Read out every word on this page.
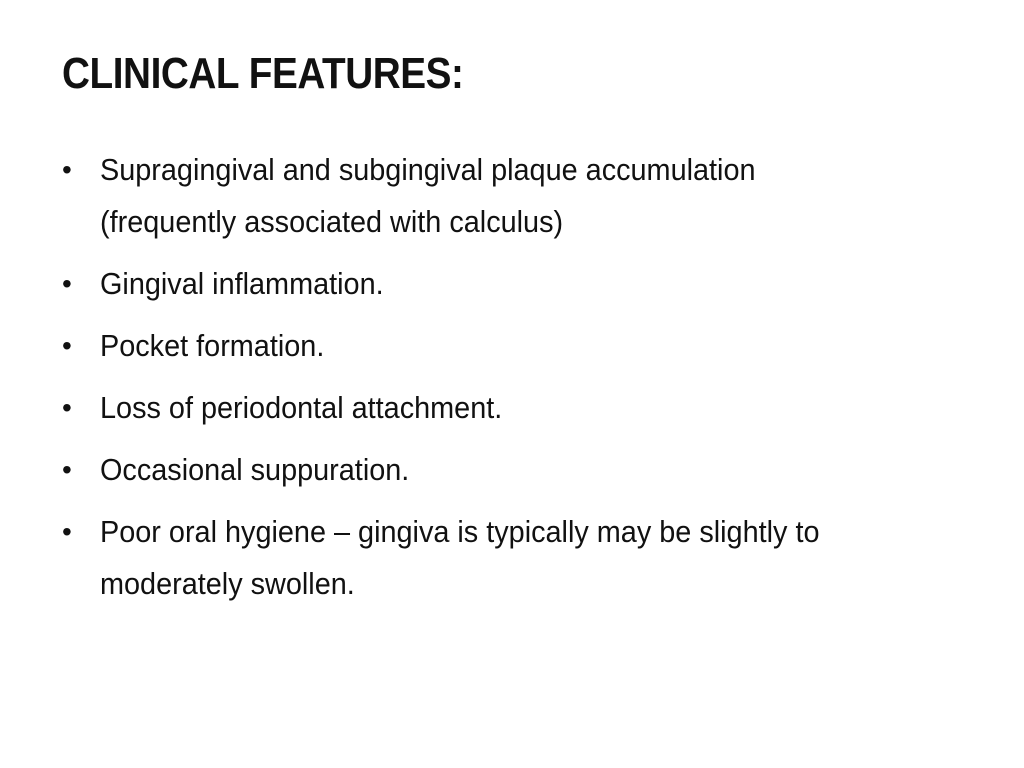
CLINICAL FEATURES:
• Supragingival and subgingival plaque accumulation (frequently associated with calculus)
• Gingival inflammation.
• Pocket formation.
• Loss of periodontal attachment.
• Occasional suppuration.
• Poor oral hygiene – gingiva is typically may be slightly to moderately swollen.
